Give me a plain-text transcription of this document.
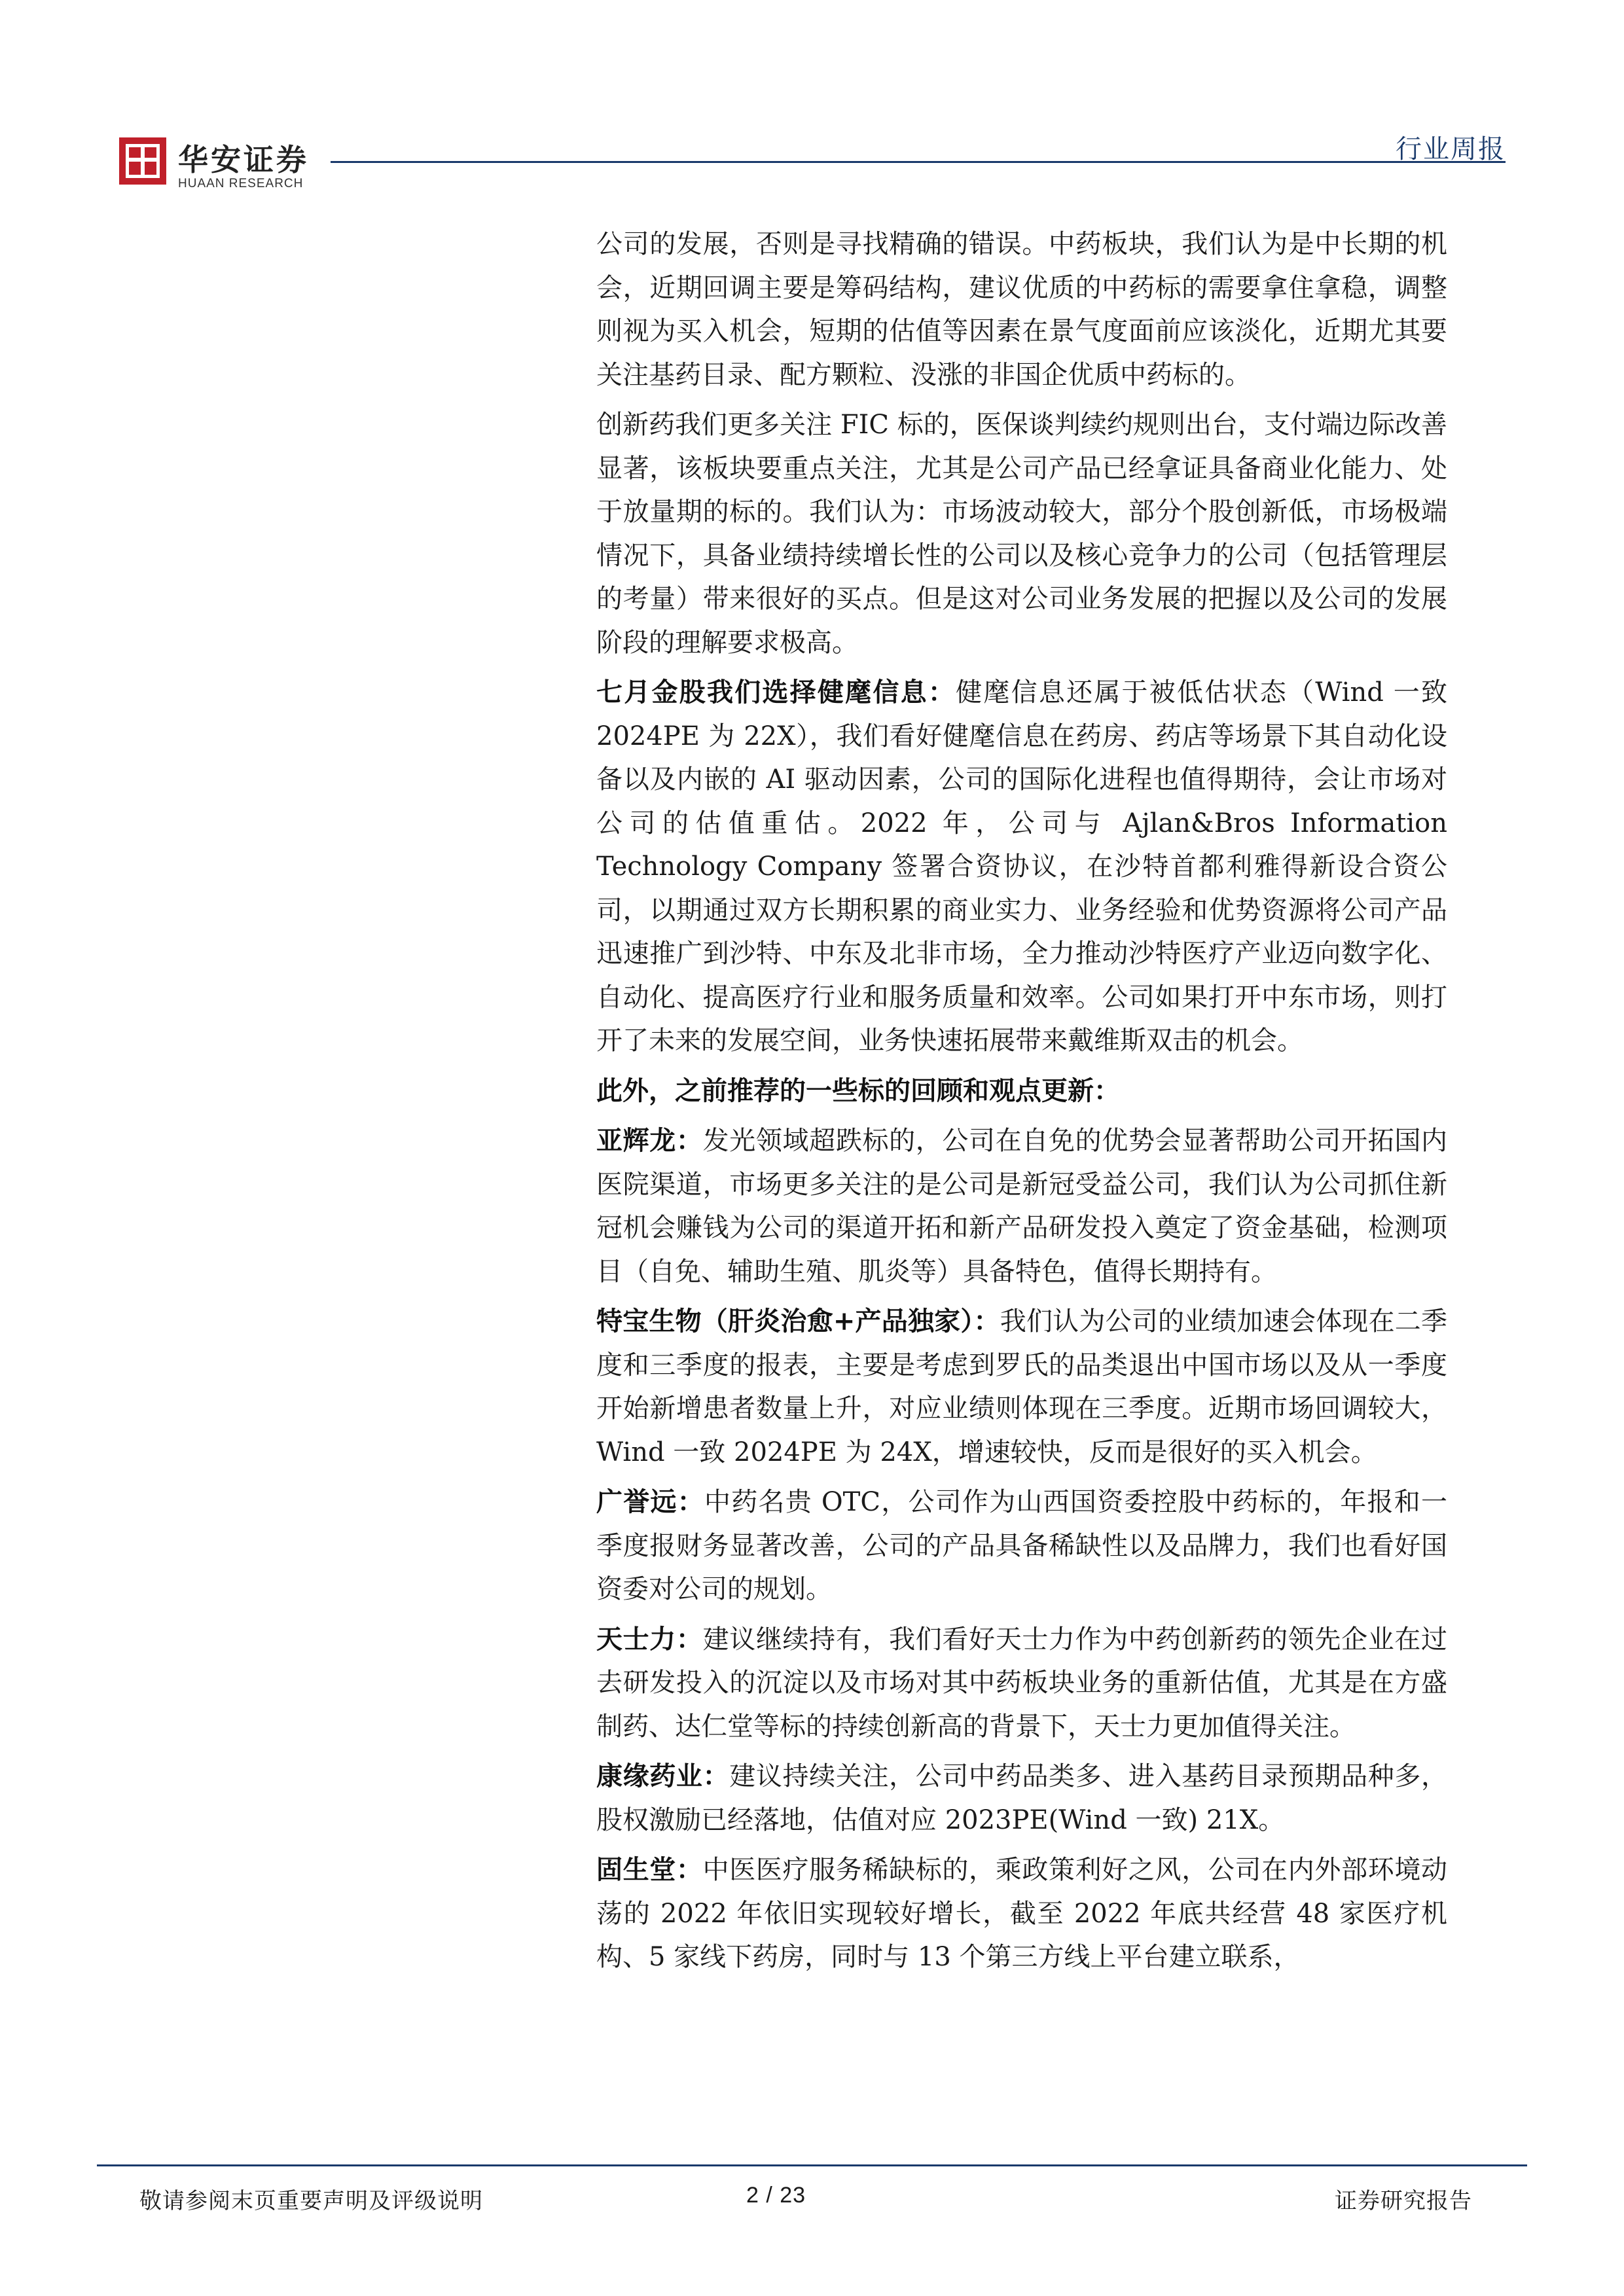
华安证券
HUAAN RESEARCH
行业周报

公司的发展，否则是寻找精确的错误。中药板块，我们认为是中长期的机会，近期回调主要是筹码结构，建议优质的中药标的需要拿住拿稳，调整则视为买入机会，短期的估值等因素在景气度面前应该淡化，近期尤其要关注基药目录、配方颗粒、没涨的非国企优质中药标的。

创新药我们更多关注 FIC 标的，医保谈判续约规则出台，支付端边际改善显著，该板块要重点关注，尤其是公司产品已经拿证具备商业化能力、处于放量期的标的。我们认为：市场波动较大，部分个股创新低，市场极端情况下，具备业绩持续增长性的公司以及核心竞争力的公司（包括管理层的考量）带来很好的买点。但是这对公司业务发展的把握以及公司的发展阶段的理解要求极高。

七月金股我们选择健麾信息：健麾信息还属于被低估状态（Wind 一致 2024PE 为 22X），我们看好健麾信息在药房、药店等场景下其自动化设备以及内嵌的 AI 驱动因素，公司的国际化进程也值得期待，会让市场对公司的估值重估。2022 年，公司与 Ajlan&Bros Information Technology Company 签署合资协议，在沙特首都利雅得新设合资公司，以期通过双方长期积累的商业实力、业务经验和优势资源将公司产品迅速推广到沙特、中东及北非市场，全力推动沙特医疗产业迈向数字化、自动化、提高医疗行业和服务质量和效率。公司如果打开中东市场，则打开了未来的发展空间，业务快速拓展带来戴维斯双击的机会。

此外，之前推荐的一些标的回顾和观点更新：

亚辉龙：发光领域超跌标的，公司在自免的优势会显著帮助公司开拓国内医院渠道，市场更多关注的是公司是新冠受益公司，我们认为公司抓住新冠机会赚钱为公司的渠道开拓和新产品研发投入奠定了资金基础，检测项目（自免、辅助生殖、肌炎等）具备特色，值得长期持有。

特宝生物（肝炎治愈+产品独家）：我们认为公司的业绩加速会体现在二季度和三季度的报表，主要是考虑到罗氏的品类退出中国市场以及从一季度开始新增患者数量上升，对应业绩则体现在三季度。近期市场回调较大，Wind 一致 2024PE 为 24X，增速较快，反而是很好的买入机会。

广誉远：中药名贵 OTC，公司作为山西国资委控股中药标的，年报和一季度报财务显著改善，公司的产品具备稀缺性以及品牌力，我们也看好国资委对公司的规划。

天士力：建议继续持有，我们看好天士力作为中药创新药的领先企业在过去研发投入的沉淀以及市场对其中药板块业务的重新估值，尤其是在方盛制药、达仁堂等标的持续创新高的背景下，天士力更加值得关注。

康缘药业：建议持续关注，公司中药品类多、进入基药目录预期品种多，股权激励已经落地，估值对应 2023PE(Wind 一致) 21X。

固生堂：中医医疗服务稀缺标的，乘政策利好之风，公司在内外部环境动荡的 2022 年依旧实现较好增长，截至 2022 年底共经营 48 家医疗机构、5 家线下药房，同时与 13 个第三方线上平台建立联系，

敬请参阅末页重要声明及评级说明	2 / 23	证券研究报告
